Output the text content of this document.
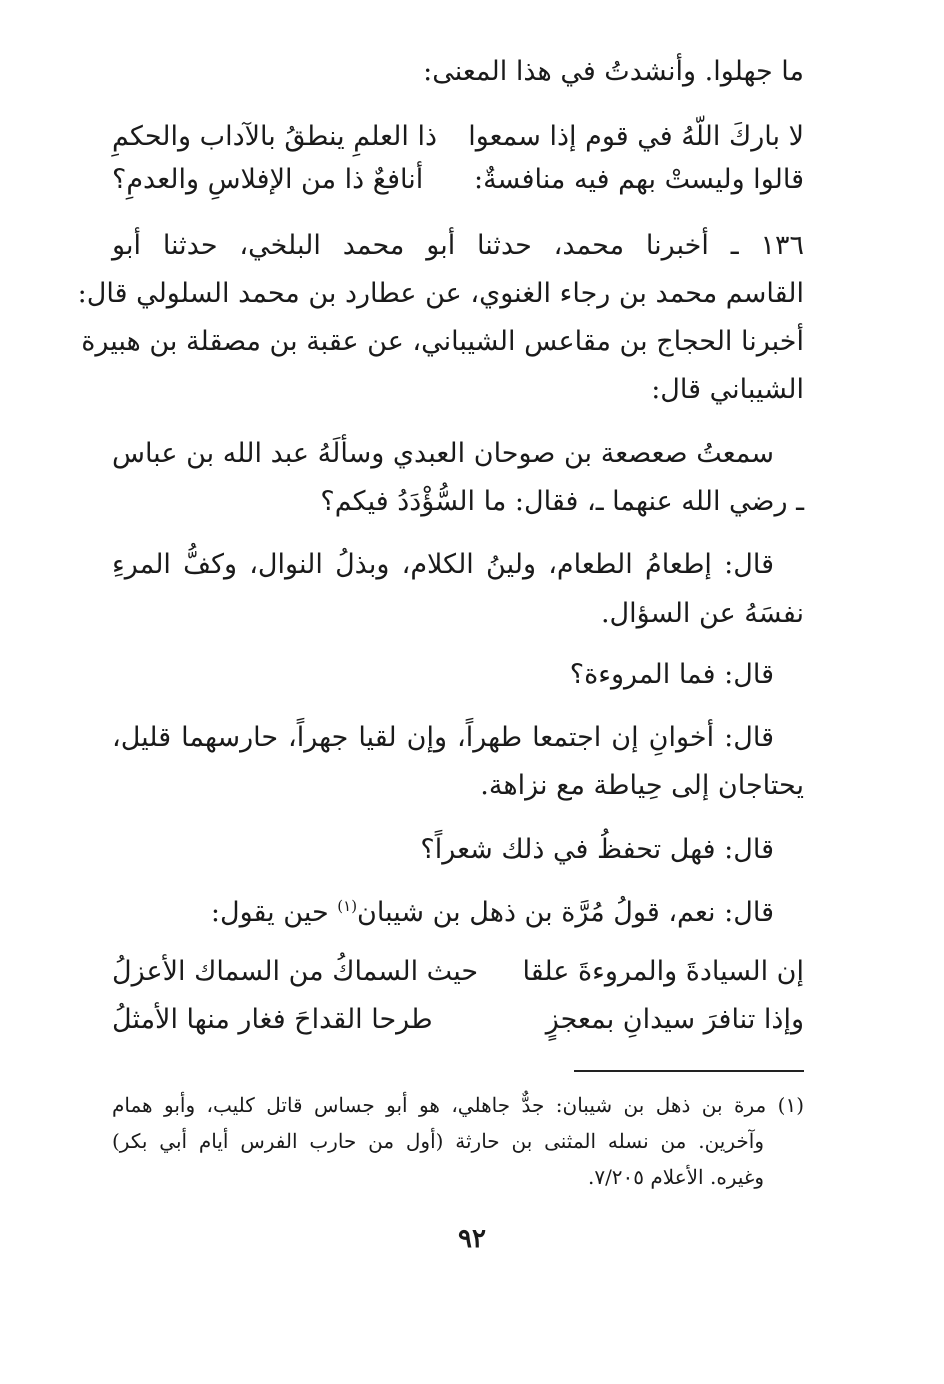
ما جهلوا. وأنشدتُ في هذا المعنى:
لا باركَ اللّهُ في قوم إذا سمعوا
ذا العلمِ ينطقُ بالآداب والحكمِ
قالوا وليستْ بهم فيه منافسةٌ:
أنافعٌ ذا من الإفلاسِ والعدمِ؟
١٣٦ ـ أخبرنا محمد، حدثنا أبو محمد البلخي، حدثنا أبو
القاسم محمد بن رجاء الغنوي، عن عطارد بن محمد السلولي قال:
أخبرنا الحجاج بن مقاعس الشيباني، عن عقبة بن مصقلة بن هبيرة
الشيباني قال:
سمعتُ صعصعة بن صوحان العبدي وسألَهُ عبد الله بن عباس
ـ رضي الله عنهما ـ، فقال: ما السُّؤْدَدُ فيكم؟
قال: إطعامُ الطعام، ولينُ الكلام، وبذلُ النوال، وكفُّ المرءِ
نفسَهُ عن السؤال.
قال: فما المروءة؟
قال: أخوانِ إن اجتمعا طهراً، وإن لقيا جهراً، حارسهما قليل،
يحتاجان إلى حِياطة مع نزاهة.
قال: فهل تحفظُ في ذلك شعراً؟
قال: نعم، قولُ مُرَّة بن ذهل بن شيبان$^{(١)}$ حين يقول:
إن السيادةَ والمروءةَ علقا
حيث السماكُ من السماك الأعزلُ
وإذا تنافرَ سيدانِ بمعجزٍ
طرحا القداحَ فغار منها الأمثلُ
(١) مرة بن ذهل بن شيبان: جدٌّ جاهلي، هو أبو جساس قاتل كليب، وأبو همام
وآخرين. من نسله المثنى بن حارثة (أول من حارب الفرس أيام أبي بكر)
وغيره. الأعلام ٧/٢٠٥.
٩٢
